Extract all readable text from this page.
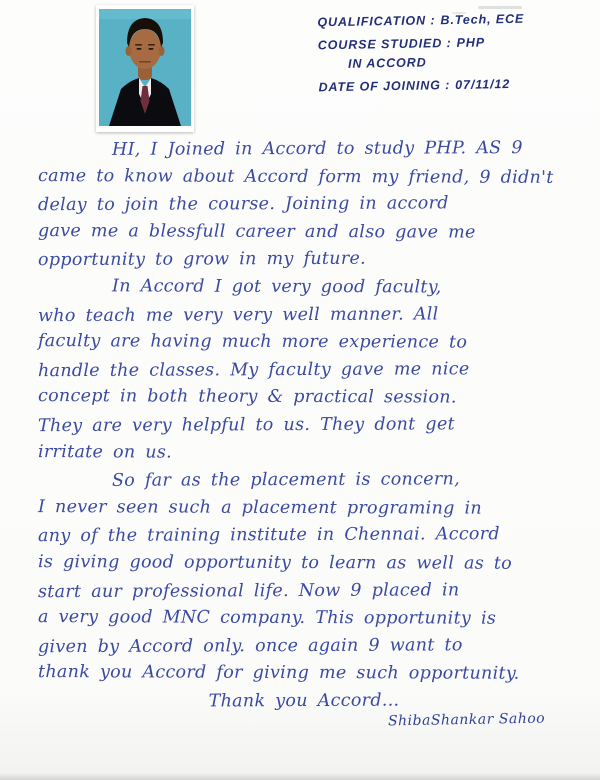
QUALIFICATION : B.Tech, ECE
COURSE STUDIED : PHP
IN ACCORD
DATE OF JOINING : 07/11/12
HI, I Joined in Accord to study PHP. AS 9
came to know about Accord form my friend, 9 didn't
delay to join the course. Joining in accord
gave me a blessfull career and also gave me
opportunity to grow in my future.
In Accord I got very good faculty,
who teach me very very well manner. All
faculty are having much more experience to
handle the classes. My faculty gave me nice
concept in both theory & practical session.
They are very helpful to us. They dont get
irritate on us.
So far as the placement is concern,
I never seen such a placement programing in
any of the training institute in Chennai. Accord
is giving good opportunity to learn as well as to
start aur professional life. Now 9 placed in
a very good MNC company. This opportunity is
given by Accord only. once again 9 want to
thank you Accord for giving me such opportunity.
Thank you Accord...
ShibaShankar Sahoo
